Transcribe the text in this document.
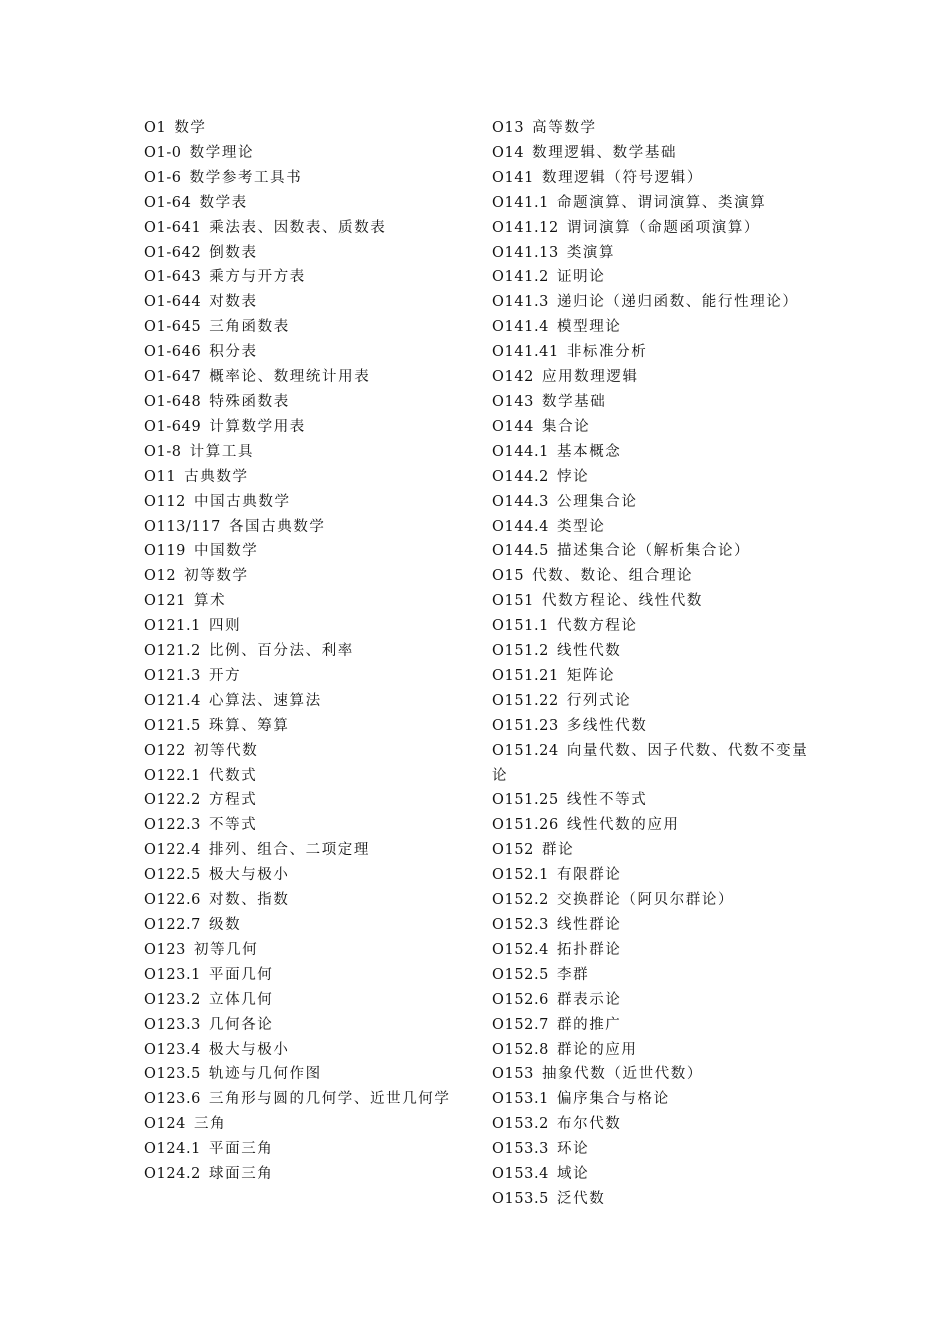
O1 数学
O1-0 数学理论
O1-6 数学参考工具书
O1-64 数学表
O1-641 乘法表、因数表、质数表
O1-642 倒数表
O1-643 乘方与开方表
O1-644 对数表
O1-645 三角函数表
O1-646 积分表
O1-647 概率论、数理统计用表
O1-648 特殊函数表
O1-649 计算数学用表
O1-8 计算工具
O11 古典数学
O112 中国古典数学
O113/117 各国古典数学
O119 中国数学
O12 初等数学
O121 算术
O121.1 四则
O121.2 比例、百分法、利率
O121.3 开方
O121.4 心算法、速算法
O121.5 珠算、筹算
O122 初等代数
O122.1 代数式
O122.2 方程式
O122.3 不等式
O122.4 排列、组合、二项定理
O122.5 极大与极小
O122.6 对数、指数
O122.7 级数
O123 初等几何
O123.1 平面几何
O123.2 立体几何
O123.3 几何各论
O123.4 极大与极小
O123.5 轨迹与几何作图
O123.6 三角形与圆的几何学、近世几何学
O124 三角
O124.1 平面三角
O124.2 球面三角
O13 高等数学
O14 数理逻辑、数学基础
O141 数理逻辑（符号逻辑）
O141.1 命题演算、谓词演算、类演算
O141.12 谓词演算（命题函项演算）
O141.13 类演算
O141.2 证明论
O141.3 递归论（递归函数、能行性理论）
O141.4 模型理论
O141.41 非标准分析
O142 应用数理逻辑
O143 数学基础
O144 集合论
O144.1 基本概念
O144.2 悖论
O144.3 公理集合论
O144.4 类型论
O144.5 描述集合论（解析集合论）
O15 代数、数论、组合理论
O151 代数方程论、线性代数
O151.1 代数方程论
O151.2 线性代数
O151.21 矩阵论
O151.22 行列式论
O151.23 多线性代数
O151.24 向量代数、因子代数、代数不变量论
O151.25 线性不等式
O151.26 线性代数的应用
O152 群论
O152.1 有限群论
O152.2 交换群论（阿贝尔群论）
O152.3 线性群论
O152.4 拓扑群论
O152.5 李群
O152.6 群表示论
O152.7 群的推广
O152.8 群论的应用
O153 抽象代数（近世代数）
O153.1 偏序集合与格论
O153.2 布尔代数
O153.3 环论
O153.4 域论
O153.5 泛代数
